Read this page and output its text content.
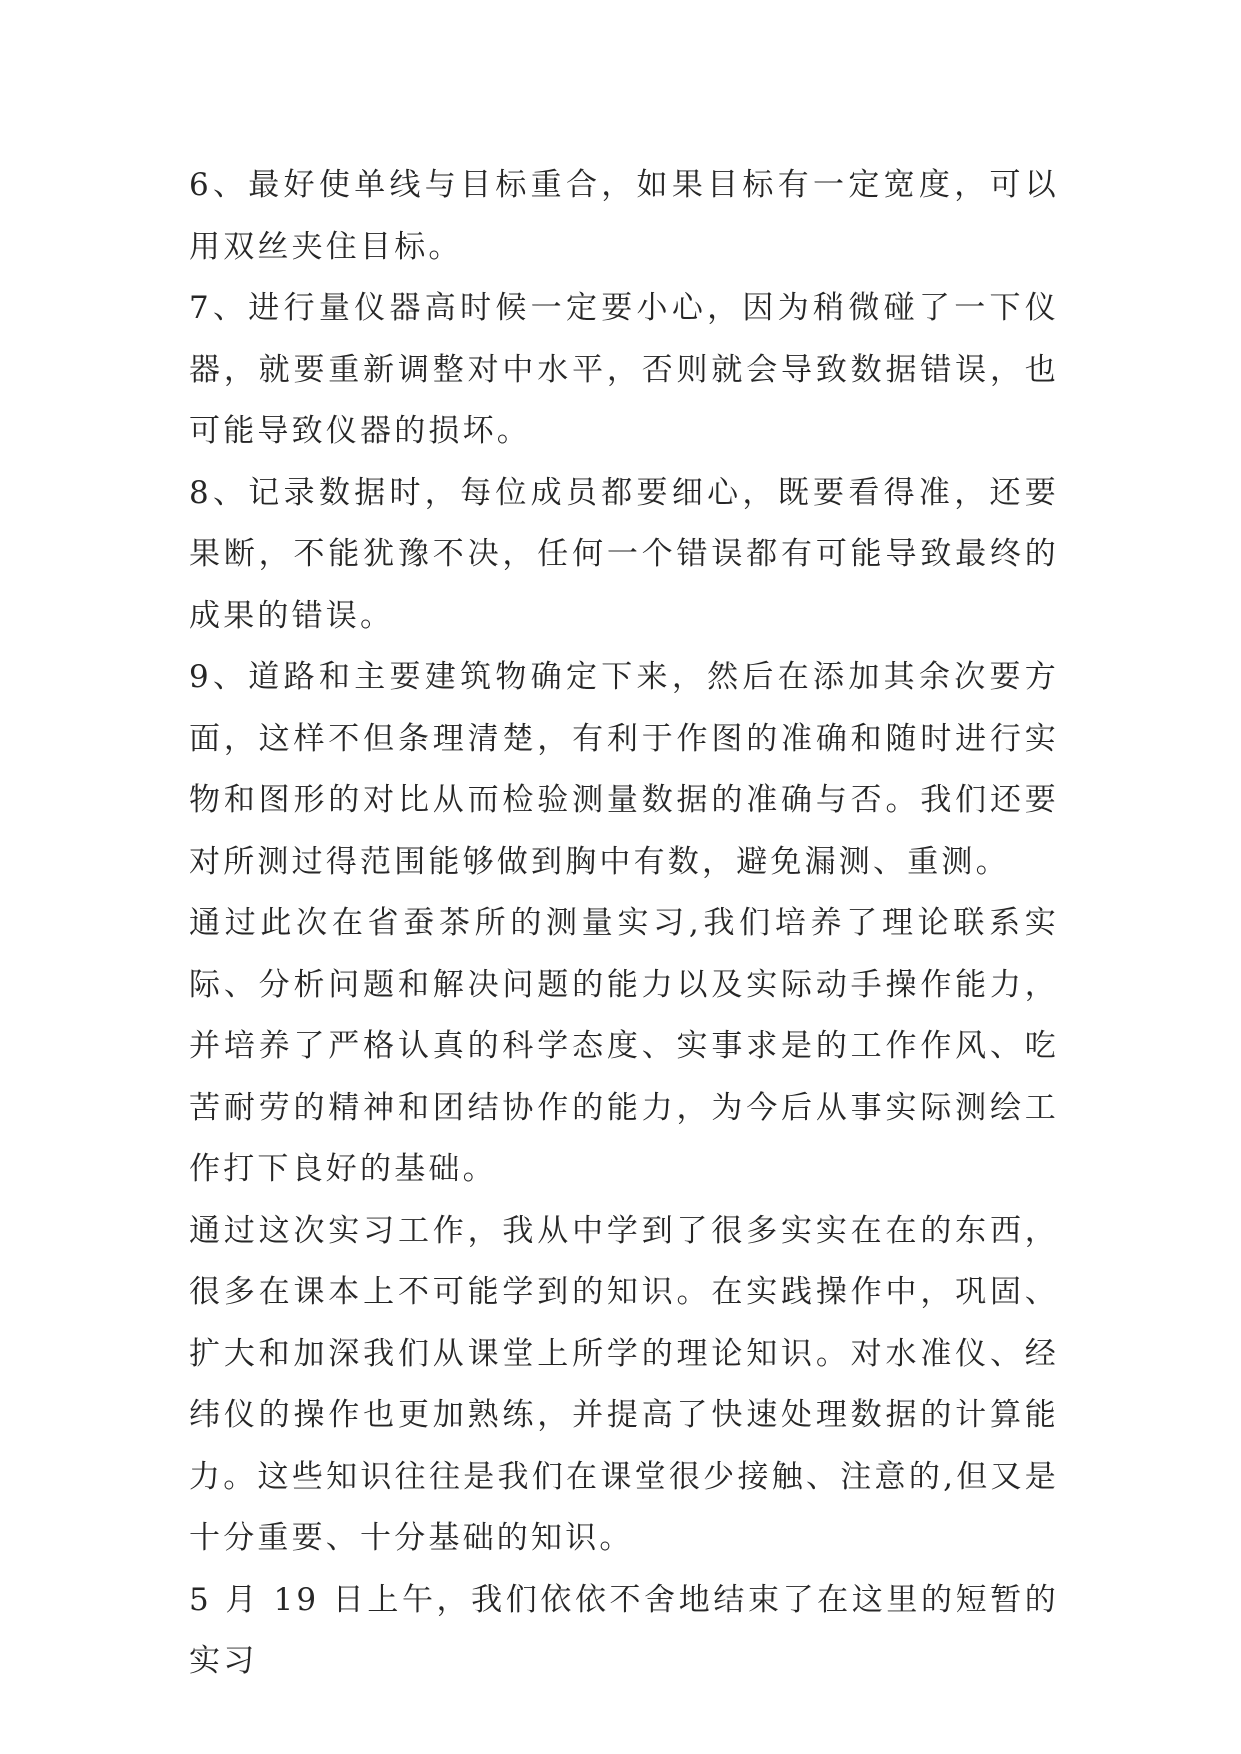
6、最好使单线与目标重合，如果目标有一定宽度，可以用双丝夹住目标。

7、进行量仪器高时候一定要小心，因为稍微碰了一下仪器，就要重新调整对中水平，否则就会导致数据错误，也可能导致仪器的损坏。

8、记录数据时，每位成员都要细心，既要看得准，还要果断，不能犹豫不决，任何一个错误都有可能导致最终的成果的错误。

9、道路和主要建筑物确定下来，然后在添加其余次要方面，这样不但条理清楚，有利于作图的准确和随时进行实物和图形的对比从而检验测量数据的准确与否。我们还要对所测过得范围能够做到胸中有数，避免漏测、重测。

通过此次在省蚕茶所的测量实习,我们培养了理论联系实际、分析问题和解决问题的能力以及实际动手操作能力，并培养了严格认真的科学态度、实事求是的工作作风、吃苦耐劳的精神和团结协作的能力，为今后从事实际测绘工作打下良好的基础。

通过这次实习工作，我从中学到了很多实实在在的东西，很多在课本上不可能学到的知识。在实践操作中，巩固、扩大和加深我们从课堂上所学的理论知识。对水准仪、经纬仪的操作也更加熟练，并提高了快速处理数据的计算能力。这些知识往往是我们在课堂很少接触、注意的,但又是十分重要、十分基础的知识。

5 月 19 日上午，我们依依不舍地结束了在这里的短暂的实习
